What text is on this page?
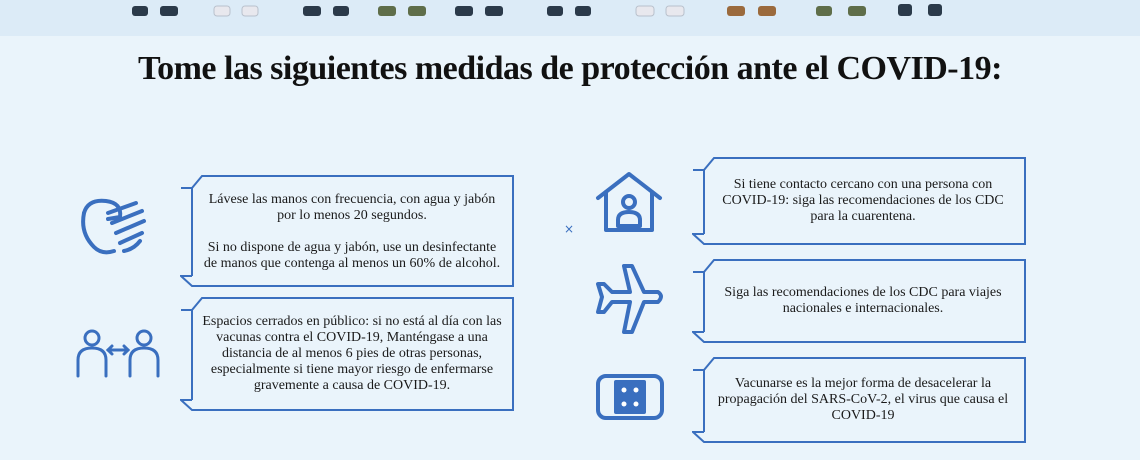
Tome las siguientes medidas de protección ante el COVID-19:
Lávese las manos con frecuencia, con agua y jabón por lo menos 20 segundos.
Si no dispone de agua y jabón, use un desinfectante de manos que contenga al menos un 60% de alcohol.
Espacios cerrados en público: si no está al día con las vacunas contra el COVID-19, Manténgase a una distancia de al menos 6 pies de otras personas, especialmente si tiene mayor riesgo de enfermarse gravemente a causa de COVID-19.
×
Si tiene contacto cercano con una persona con COVID-19: siga las recomendaciones de los CDC para la cuarentena.
Siga las recomendaciones de los CDC para viajes nacionales e internacionales.
Vacunarse es la mejor forma de desacelerar la propagación del SARS-CoV-2, el virus que causa el COVID-19
